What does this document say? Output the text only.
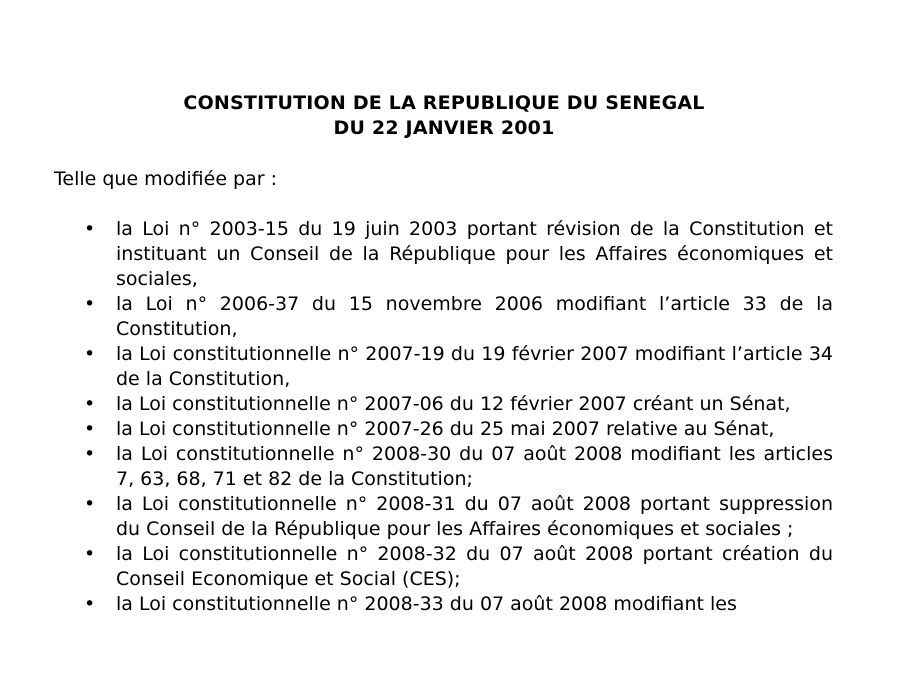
CONSTITUTION DE LA REPUBLIQUE DU SENEGAL
DU 22 JANVIER 2001

Telle que modifiée par :

• la Loi n° 2003-15 du 19 juin 2003 portant révision de la Constitution et instituant un Conseil de la République pour les Affaires économiques et sociales,
• la Loi n° 2006-37 du 15 novembre 2006 modifiant l’article 33 de la Constitution,
• la Loi constitutionnelle n° 2007-19 du 19 février 2007 modifiant l’article 34 de la Constitution,
• la Loi constitutionnelle n° 2007-06 du 12 février 2007 créant un Sénat,
• la Loi constitutionnelle n° 2007-26 du 25 mai 2007 relative au Sénat,
• la Loi constitutionnelle n° 2008-30 du 07 août 2008 modifiant les articles 7, 63, 68, 71 et 82 de la Constitution;
• la Loi constitutionnelle n° 2008-31 du 07 août 2008 portant suppression du Conseil de la République pour les Affaires économiques et sociales ;
• la Loi constitutionnelle n° 2008-32 du 07 août 2008 portant création du Conseil Economique et Social (CES);
• la Loi constitutionnelle n° 2008-33 du 07 août 2008 modifiant les
